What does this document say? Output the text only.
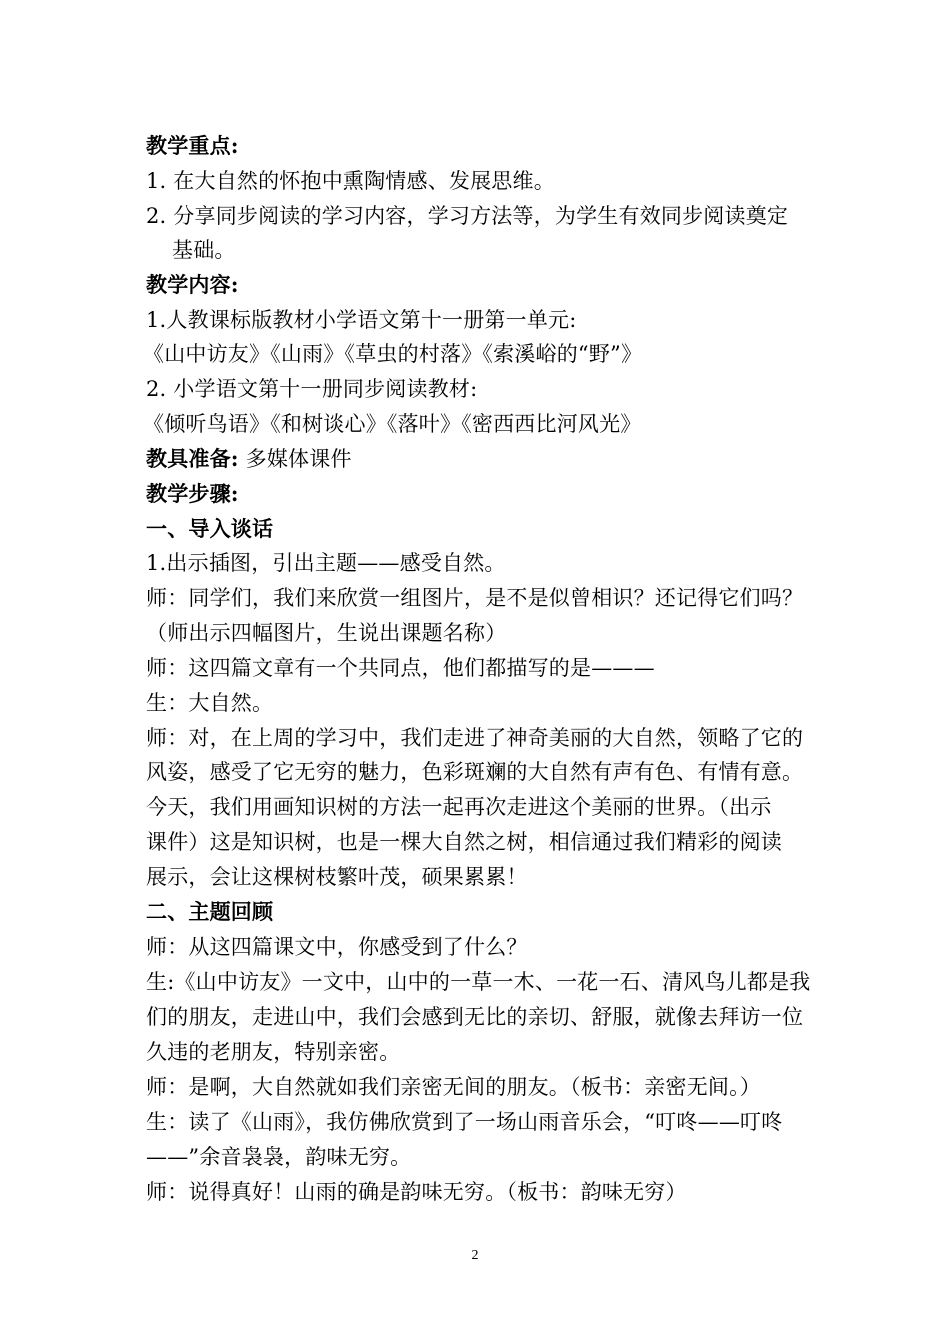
教学重点:
1. 在大自然的怀抱中熏陶情感、发展思维。
2. 分享同步阅读的学习内容，学习方法等，为学生有效同步阅读奠定
基础。
教学内容:
1.人教课标版教材小学语文第十一册第一单元:
《山中访友》《山雨》《草虫的村落》《索溪峪的“野”》
2. 小学语文第十一册同步阅读教材:
《倾听鸟语》《和树谈心》《落叶》《密西西比河风光》
教具准备: 多媒体课件
教学步骤:
一、导入谈话
1.出示插图，引出主题——感受自然。
师：同学们，我们来欣赏一组图片，是不是似曾相识？还记得它们吗？
（师出示四幅图片，生说出课题名称）
师：这四篇文章有一个共同点，他们都描写的是———
生：大自然。
师：对，在上周的学习中，我们走进了神奇美丽的大自然，领略了它的
风姿，感受了它无穷的魅力，色彩斑斓的大自然有声有色、有情有意。
今天，我们用画知识树的方法一起再次走进这个美丽的世界。（出示
课件）这是知识树，也是一棵大自然之树，相信通过我们精彩的阅读
展示，会让这棵树枝繁叶茂，硕果累累！
二、主题回顾
师：从这四篇课文中，你感受到了什么？
生:《山中访友》一文中，山中的一草一木、一花一石、清风鸟儿都是我
们的朋友，走进山中，我们会感到无比的亲切、舒服，就像去拜访一位
久违的老朋友，特别亲密。
师：是啊，大自然就如我们亲密无间的朋友。（板书：亲密无间。）
生：读了《山雨》，我仿佛欣赏到了一场山雨音乐会，“叮咚——叮咚
——”余音袅袅，韵味无穷。
师：说得真好！山雨的确是韵味无穷。（板书：韵味无穷）
2
